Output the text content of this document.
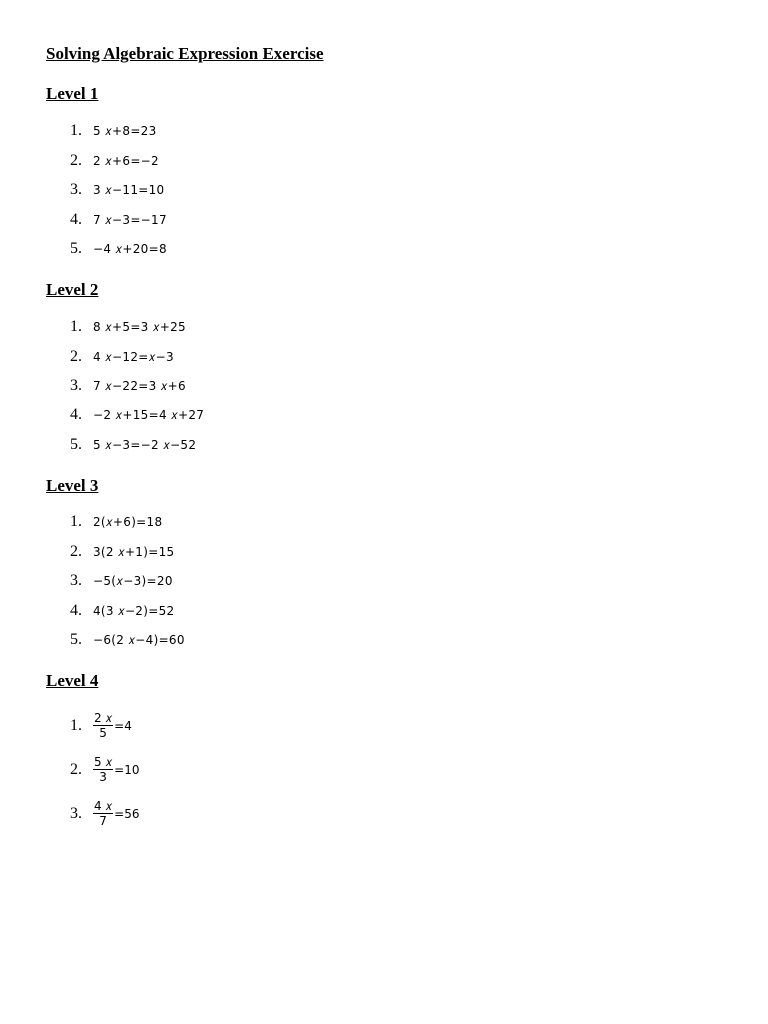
Solving Algebraic Expression Exercise
Level 1
1. 5 𝑥+8=23
2. 2 𝑥+6=−2
3. 3 𝑥−11=10
4. 7 𝑥−3=−17
5. −4 𝑥+20=8
Level 2
1. 8 𝑥+5=3 𝑥+25
2. 4 𝑥−12=𝑥−3
3. 7 𝑥−22=3 𝑥+6
4. −2 𝑥+15=4 𝑥+27
5. 5 𝑥−3=−2 𝑥−52
Level 3
1. 2(𝑥+6)=18
2. 3(2 𝑥+1)=15
3. −5(𝑥−3)=20
4. 4(3 𝑥−2)=52
5. −6(2 𝑥−4)=60
Level 4
1. $\frac{\text{2 𝑥}}{5} =4$
2. $\frac{\text{5 𝑥}}{3} =10$
3. $\frac{\text{4 𝑥}}{7} =56$
